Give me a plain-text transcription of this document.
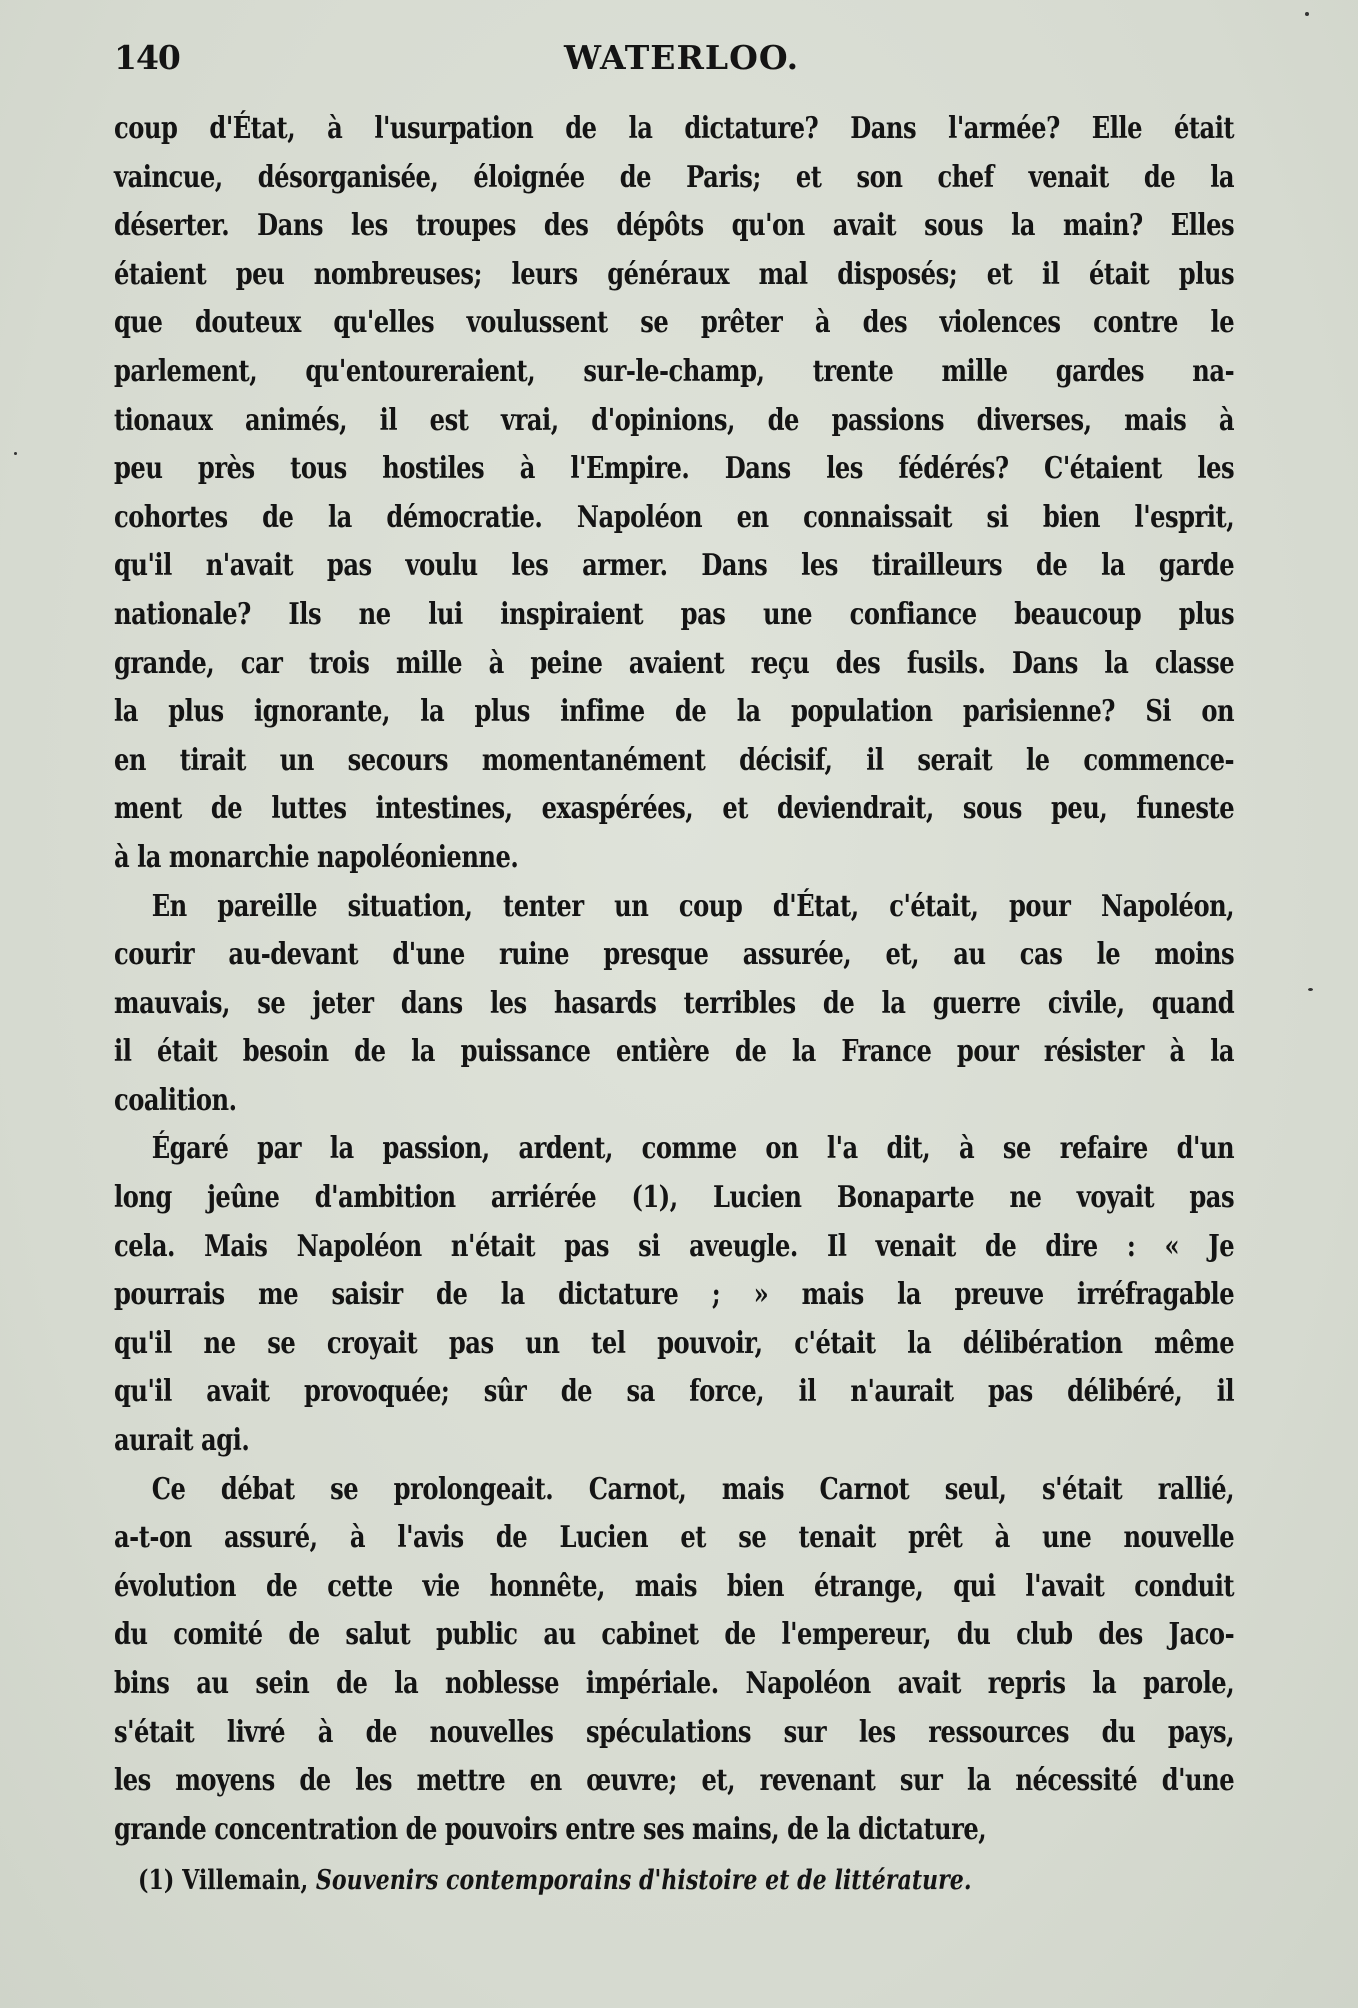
140	WATERLOO.
coup d'État, à l'usurpation de la dictature? Dans l'armée? Elle était
vaincue, désorganisée, éloignée de Paris; et son chef venait de la
déserter. Dans les troupes des dépôts qu'on avait sous la main? Elles
étaient peu nombreuses; leurs généraux mal disposés; et il était plus
que douteux qu'elles voulussent se prêter à des violences contre le
parlement, qu'entoureraient, sur-le-champ, trente mille gardes na-
tionaux animés, il est vrai, d'opinions, de passions diverses, mais à
peu près tous hostiles à l'Empire. Dans les fédérés? C'étaient les
cohortes de la démocratie. Napoléon en connaissait si bien l'esprit,
qu'il n'avait pas voulu les armer. Dans les tirailleurs de la garde
nationale? Ils ne lui inspiraient pas une confiance beaucoup plus
grande, car trois mille à peine avaient reçu des fusils. Dans la classe
la plus ignorante, la plus infime de la population parisienne? Si on
en tirait un secours momentanément décisif, il serait le commence-
ment de luttes intestines, exaspérées, et deviendrait, sous peu, funeste
à la monarchie napoléonienne.
En pareille situation, tenter un coup d'État, c'était, pour Napoléon,
courir au-devant d'une ruine presque assurée, et, au cas le moins
mauvais, se jeter dans les hasards terribles de la guerre civile, quand
il était besoin de la puissance entière de la France pour résister à la
coalition.
Égaré par la passion, ardent, comme on l'a dit, à se refaire d'un
long jeûne d'ambition arriérée (1), Lucien Bonaparte ne voyait pas
cela. Mais Napoléon n'était pas si aveugle. Il venait de dire : « Je
pourrais me saisir de la dictature ; » mais la preuve irréfragable
qu'il ne se croyait pas un tel pouvoir, c'était la délibération même
qu'il avait provoquée; sûr de sa force, il n'aurait pas délibéré, il
aurait agi.
Ce débat se prolongeait. Carnot, mais Carnot seul, s'était rallié,
a-t-on assuré, à l'avis de Lucien et se tenait prêt à une nouvelle
évolution de cette vie honnête, mais bien étrange, qui l'avait conduit
du comité de salut public au cabinet de l'empereur, du club des Jaco-
bins au sein de la noblesse impériale. Napoléon avait repris la parole,
s'était livré à de nouvelles spéculations sur les ressources du pays,
les moyens de les mettre en œuvre; et, revenant sur la nécessité d'une
grande concentration de pouvoirs entre ses mains, de la dictature,
(1) Villemain, Souvenirs contemporains d'histoire et de littérature.
